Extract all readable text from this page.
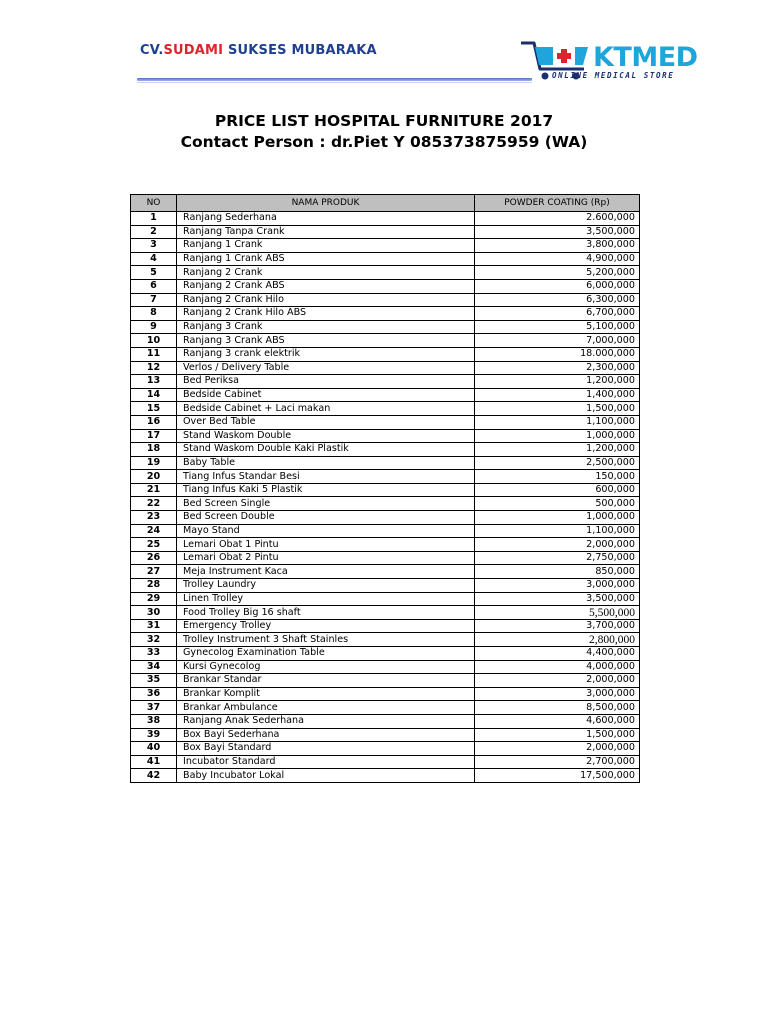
CV.SUDAMI SUKSES MUBARAKA	KTMED
ONLINE MEDICAL STORE
PRICE LIST HOSPITAL FURNITURE 2017
Contact Person : dr.Piet Y 085373875959 (WA)
NO	NAMA PRODUK	POWDER COATING (Rp)
1	Ranjang Sederhana	2.600,000
2	Ranjang Tanpa Crank	3,500,000
3	Ranjang 1 Crank	3,800,000
4	Ranjang 1 Crank ABS	4,900,000
5	Ranjang 2 Crank	5,200,000
6	Ranjang 2 Crank ABS	6,000,000
7	Ranjang 2 Crank Hilo	6,300,000
8	Ranjang 2 Crank Hilo ABS	6,700,000
9	Ranjang 3 Crank	5,100,000
10	Ranjang 3 Crank ABS	7,000,000
11	Ranjang 3 crank elektrik	18.000,000
12	Verlos / Delivery Table	2,300,000
13	Bed Periksa	1,200,000
14	Bedside Cabinet	1,400,000
15	Bedside Cabinet + Laci makan	1,500,000
16	Over Bed Table	1,100,000
17	Stand Waskom Double	1,000,000
18	Stand Waskom Double Kaki Plastik	1,200,000
19	Baby Table	2,500,000
20	Tiang Infus Standar Besi	150,000
21	Tiang Infus Kaki 5 Plastik	600,000
22	Bed Screen Single	500,000
23	Bed Screen Double	1,000,000
24	Mayo Stand	1,100,000
25	Lemari Obat 1 Pintu	2,000,000
26	Lemari Obat 2 Pintu	2,750,000
27	Meja Instrument Kaca	850,000
28	Trolley Laundry	3,000,000
29	Linen Trolley	3,500,000
30	Food Trolley Big 16 shaft	5,500,000
31	Emergency Trolley	3,700,000
32	Trolley Instrument 3 Shaft Stainles	2,800,000
33	Gynecolog Examination Table	4,400,000
34	Kursi Gynecolog	4,000,000
35	Brankar Standar	2,000,000
36	Brankar Komplit	3,000,000
37	Brankar Ambulance	8,500,000
38	Ranjang Anak Sederhana	4,600,000
39	Box Bayi Sederhana	1,500,000
40	Box Bayi Standard	2,000,000
41	Incubator Standard	2,700,000
42	Baby Incubator Lokal	17,500,000
